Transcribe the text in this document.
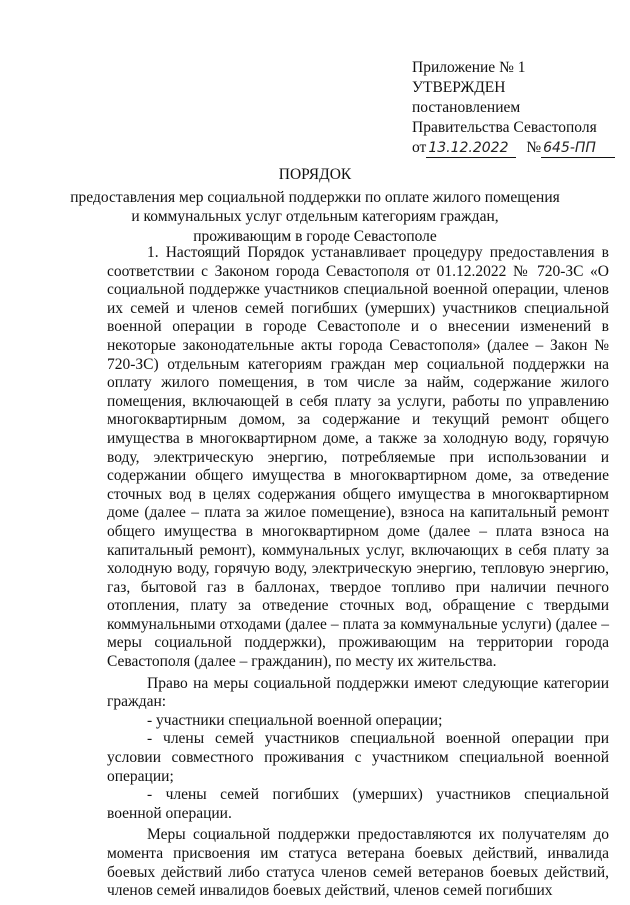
Приложение № 1
УТВЕРЖДЕН
постановлением
Правительства Севастополя
от 13.12.2022 № 645-ПП
ПОРЯДОК
предоставления мер социальной поддержки по оплате жилого помещения
и коммунальных услуг отдельным категориям граждан,
проживающим в городе Севастополе

1. Настоящий Порядок устанавливает процедуру предоставления в соответствии с Законом города Севастополя от 01.12.2022 № 720-ЗС «О социальной поддержке участников специальной военной операции, членов их семей и членов семей погибших (умерших) участников специальной военной операции в городе Севастополе и о внесении изменений в некоторые законодательные акты города Севастополя» (далее – Закон № 720-ЗС) отдельным категориям граждан мер социальной поддержки на оплату жилого помещения, в том числе за найм, содержание жилого помещения, включающей в себя плату за услуги, работы по управлению многоквартирным домом, за содержание и текущий ремонт общего имущества в многоквартирном доме, а также за холодную воду, горячую воду, электрическую энергию, потребляемые при использовании и содержании общего имущества в многоквартирном доме, за отведение сточных вод в целях содержания общего имущества в многоквартирном доме (далее – плата за жилое помещение), взноса на капитальный ремонт общего имущества в многоквартирном доме (далее – плата взноса на капитальный ремонт), коммунальных услуг, включающих в себя плату за холодную воду, горячую воду, электрическую энергию, тепловую энергию, газ, бытовой газ в баллонах, твердое топливо при наличии печного отопления, плату за отведение сточных вод, обращение с твердыми коммунальными отходами (далее – плата за коммунальные услуги) (далее – меры социальной поддержки), проживающим на территории города Севастополя (далее – гражданин), по месту их жительства.

Право на меры социальной поддержки имеют следующие категории граждан:

- участники специальной военной операции;

- члены семей участников специальной военной операции при условии совместного проживания с участником специальной военной операции;

- члены семей погибших (умерших) участников специальной военной операции.

Меры социальной поддержки предоставляются их получателям до момента присвоения им статуса ветерана боевых действий, инвалида боевых действий либо статуса членов семей ветеранов боевых действий, членов семей инвалидов боевых действий, членов семей погибших
